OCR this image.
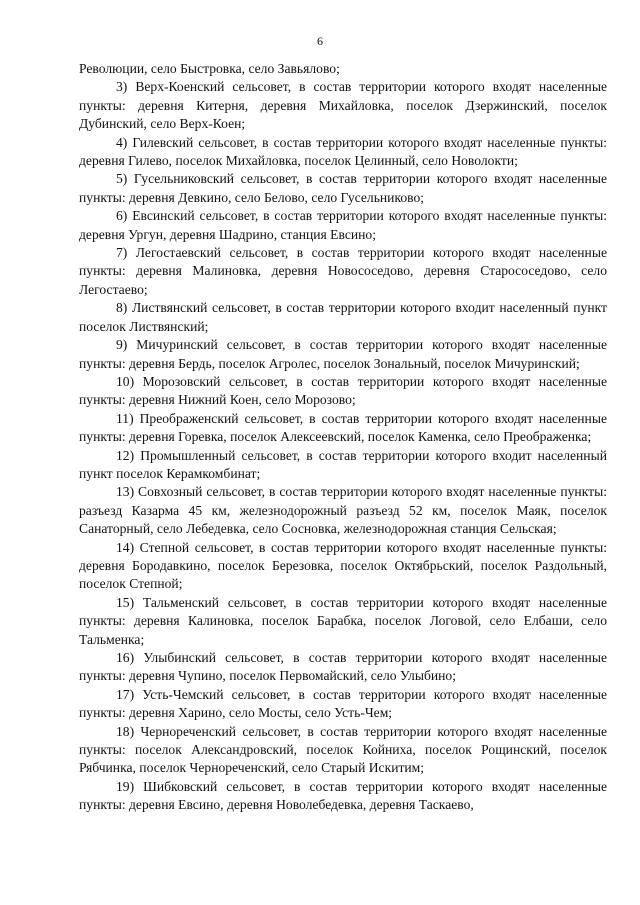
6

Революции, село Быстровка, село Завьялово;

3) Верх-Коенский сельсовет, в состав территории которого входят населенные пункты: деревня Китерня, деревня Михайловка, поселок Дзержинский, поселок Дубинский, село Верх-Коен;

4) Гилевский сельсовет, в состав территории которого входят населенные пункты: деревня Гилево, поселок Михайловка, поселок Целинный, село Новолокти;

5) Гусельниковский сельсовет, в состав территории которого входят населенные пункты: деревня Девкино, село Белово, село Гусельниково;

6) Евсинский сельсовет, в состав территории которого входят населенные пункты: деревня Ургун, деревня Шадрино, станция Евсино;

7) Легостаевский сельсовет, в состав территории которого входят населенные пункты: деревня Малиновка, деревня Новососедово, деревня Старососедово, село Легостаево;

8) Листвянский сельсовет, в состав территории которого входит населенный пункт поселок Листвянский;

9) Мичуринский сельсовет, в состав территории которого входят населенные пункты: деревня Бердь, поселок Агролес, поселок Зональный, поселок Мичуринский;

10) Морозовский сельсовет, в состав территории которого входят населенные пункты: деревня Нижний Коен, село Морозово;

11) Преображенский сельсовет, в состав территории которого входят населенные пункты: деревня Горевка, поселок Алексеевский, поселок Каменка, село Преображенка;

12) Промышленный сельсовет, в состав территории которого входит населенный пункт поселок Керамкомбинат;

13) Совхозный сельсовет, в состав территории которого входят населенные пункты: разъезд Казарма 45 км, железнодорожный разъезд 52 км, поселок Маяк, поселок Санаторный, село Лебедевка, село Сосновка, железнодорожная станция Сельская;

14) Степной сельсовет, в состав территории которого входят населенные пункты: деревня Бородавкино, поселок Березовка, поселок Октябрьский, поселок Раздольный, поселок Степной;

15) Тальменский сельсовет, в состав территории которого входят населенные пункты: деревня Калиновка, поселок Барабка, поселок Логовой, село Елбаши, село Тальменка;

16) Улыбинский сельсовет, в состав территории которого входят населенные пункты: деревня Чупино, поселок Первомайский, село Улыбино;

17) Усть-Чемский сельсовет, в состав территории которого входят населенные пункты: деревня Харино, село Мосты, село Усть-Чем;

18) Чернореченский сельсовет, в состав территории которого входят населенные пункты: поселок Александровский, поселок Койниха, поселок Рощинский, поселок Рябчинка, поселок Чернореченский, село Старый Искитим;

19) Шибковский сельсовет, в состав территории которого входят населенные пункты: деревня Евсино, деревня Новолебедевка, деревня Таскаево,
